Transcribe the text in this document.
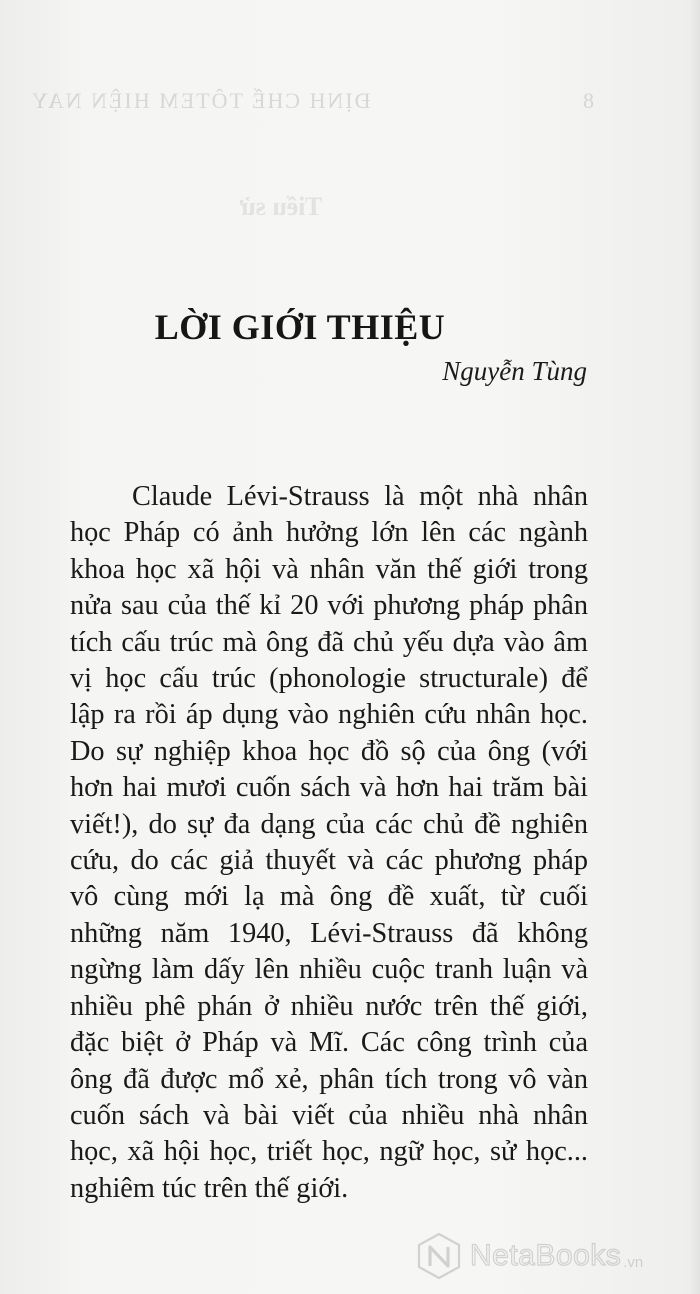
ĐỊNH CHẾ TÔTEM HIỆN NAY	8
Tiểu sử
LỜI GIỚI THIỆU
Nguyễn Tùng

Claude Lévi-Strauss là một nhà nhân học Pháp có ảnh hưởng lớn lên các ngành khoa học xã hội và nhân văn thế giới trong nửa sau của thế kỉ 20 với phương pháp phân tích cấu trúc mà ông đã chủ yếu dựa vào âm vị học cấu trúc (phonologie structurale) để lập ra rồi áp dụng vào nghiên cứu nhân học. Do sự nghiệp khoa học đồ sộ của ông (với hơn hai mươi cuốn sách và hơn hai trăm bài viết!), do sự đa dạng của các chủ đề nghiên cứu, do các giả thuyết và các phương pháp vô cùng mới lạ mà ông đề xuất, từ cuối những năm 1940, Lévi-Strauss đã không ngừng làm dấy lên nhiều cuộc tranh luận và nhiều phê phán ở nhiều nước trên thế giới, đặc biệt ở Pháp và Mĩ. Các công trình của ông đã được mổ xẻ, phân tích trong vô vàn cuốn sách và bài viết của nhiều nhà nhân học, xã hội học, triết học, ngữ học, sử học... nghiêm túc trên thế giới.

NetaBooks .vn
